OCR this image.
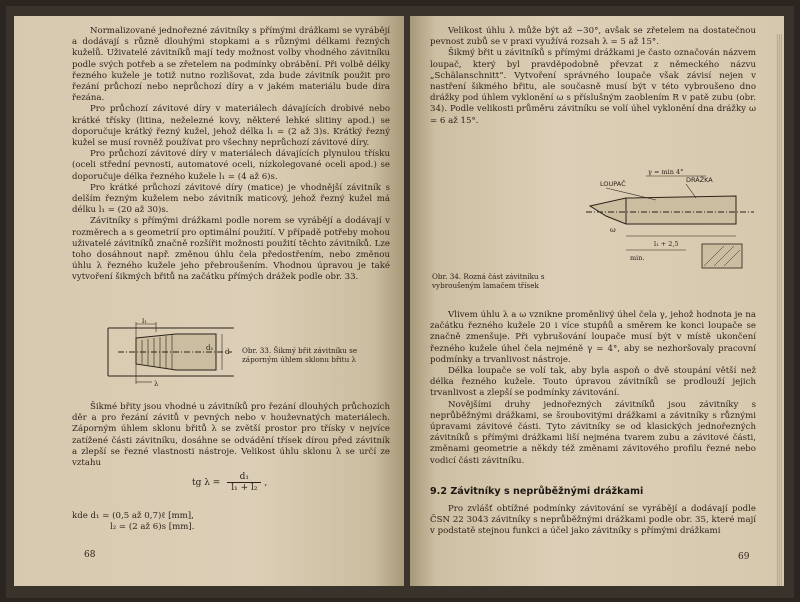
Normalizované jednořezné závitníky s přímými drážkami se vyrábějí a dodávají s různě dlouhými stopkami a s různými délkami řezných kuželů. Uživatelé závitníků mají tedy možnost volby vhodného závitníku podle svých potřeb a se zřetelem na podmínky obrábění. Při volbě délky řezného kužele je totiž nutno rozlišovat, zda bude závitník použit pro řezání průchozí nebo neprůchozí díry a v jakém materiálu bude díra řezána.

Pro průchozí závitové díry v materiálech dávajících drobivé nebo krátké třísky (litina, neželezné kovy, některé lehké slitiny apod.) se doporučuje krátký řezný kužel, jehož délka l₁ = (2 až 3)s. Krátký řezný kužel se musí rovněž používat pro všechny neprůchozí závitové díry.

Pro průchozí závitové díry v materiálech dávajících plynulou třísku (oceli střední pevnosti, automatové oceli, nízkolegované oceli apod.) se doporučuje délka řezného kužele l₁ = (4 až 6)s.

Pro krátké průchozí závitové díry (matice) je vhodnější závitník s delším řezným kuželem nebo závitník maticový, jehož řezný kužel má délku l₁ = (20 až 30)s.

Závitníky s přímými drážkami podle norem se vyrábějí a dodávají v rozměrech a s geometrií pro optimální použití. V případě potřeby mohou uživatelé závitníků značně rozšířit možnosti použití těchto závitníků. Lze toho dosáhnout např. změnou úhlu čela předostřením, nebo změnou úhlu λ řezného kužele jeho přebroušením. Vhodnou úpravou je také vytvoření šikmých břitů na začátku přímých drážek podle obr. 33.

l₁
d
d₁
λ
Obr. 33. Šikmý břit závitníku se záporným úhlem sklonu břitu λ

Šikmé břity jsou vhodné u závitníků pro řezání dlouhých průchozích děr a pro řezání závitů v pevných nebo v houževnatých materiálech. Záporným úhlem sklonu břitů λ se zvětší prostor pro třísky v nejvíce zatížené části závitníku, dosáhne se odvádění třísek dírou před závitník a zlepší se řezné vlastnosti nástroje. Velikost úhlu sklonu λ se určí ze vztahu

tg $\lambda = \frac{\text{d₁}}{\text{l₁ + l₂}}$ ,
kde d₁ = (0,5 až 0,7)ℓ [mm],
l₂ = (2 až 6)s [mm].
68

Velikost úhlu λ může být až −30°, avšak se zřetelem na dostatečnou pevnost zubů se v praxi využívá rozsah λ = 5 až 15°.

Šikmý břit u závitníků s přímými drážkami je často označován názvem loupač, který byl pravděpodobně převzat z německého názvu „Schälanschnitt“. Vytvoření správného loupače však závisí nejen v nastření šikmého břitu, ale současně musí být v této vybroušeno dno drážky pod úhlem vyklonění ω s příslušným zaoblením R v patě zubu (obr. 34). Podle velikosti průměru závitníku se volí úhel vyklonění dna drážky ω = 6 až 15°.

γ = min 4°
LOUPAČ	DRÁŽKA
ω
l₁ + 2,5
min.
Obr. 34. Rozná část závitníku s vybroušeným lamačem třísek

Vlivem úhlu λ a ω vznikne proměnlivý úhel čela γ, jehož hodnota je na začátku řezného kužele 20 i více stupňů a směrem ke konci loupače se značně zmenšuje. Při vybrušování loupače musí být v místě ukončení řezného kužele úhel čela nejméně γ = 4°, aby se nezhoršovaly pracovní podmínky a trvanlivost nástroje.

Délka loupače se volí tak, aby byla aspoň o dvě stoupání větší než délka řezného kužele. Touto úpravou závitníků se prodlouží jejich trvanlivost a zlepší se podmínky závitování.

Novějšími druhy jednořezných závitníků jsou závitníky s neprůběžnými drážkami, se šroubovitými drážkami a závitníky s různými úpravami závitové části. Tyto závitníky se od klasických jednořezných závitníků s přímými drážkami liší nejména tvarem zubu a závitové části, změnami geometrie a někdy též změnami závitového profilu řezné nebo vodicí části závitníku.

9.2 Závitníky s neprůběžnými drážkami

Pro zvlášť obtížné podmínky závitování se vyrábějí a dodávají podle ČSN 22 3043 závitníky s neprůběžnými drážkami podle obr. 35, které mají v podstatě stejnou funkci a účel jako závitníky s přímými drážkami

69
